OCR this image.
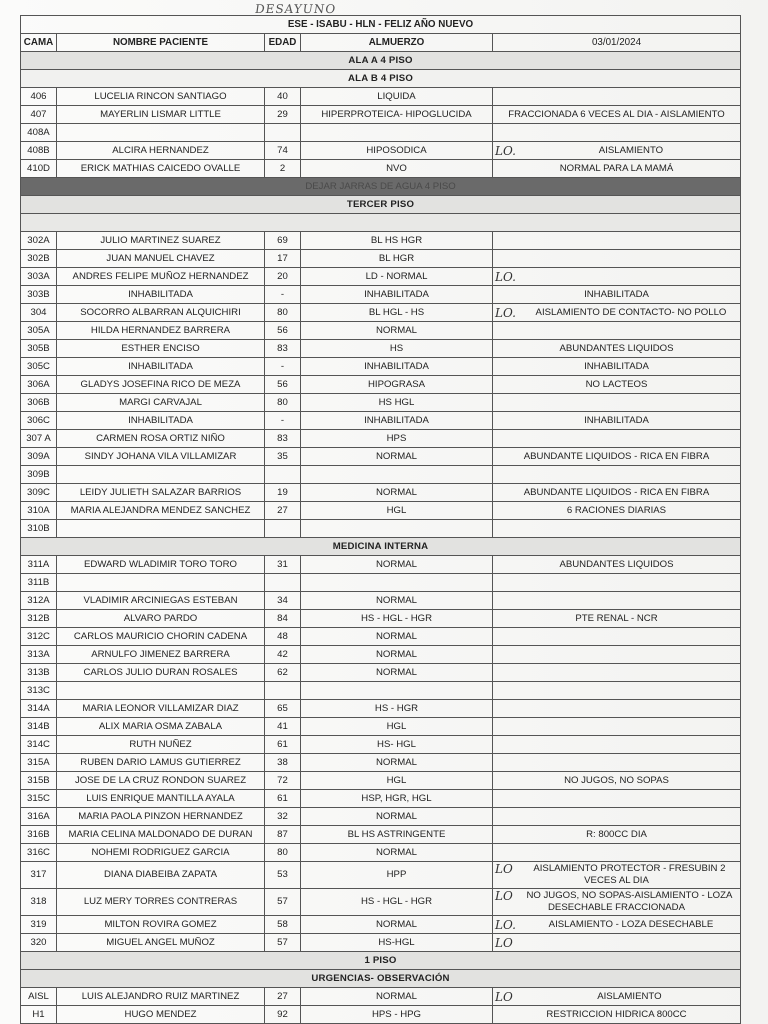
DESAYUNO
ESE - ISABU - HLN - FELIZ AÑO NUEVO				
CAMA	NOMBRE PACIENTE	EDAD	ALMUERZO	03/01/2024
ALA A 4 PISO				
ALA B 4 PISO				
406	LUCELIA RINCON SANTIAGO	40	LIQUIDA	
407	MAYERLIN LISMAR LITTLE	29	HIPERPROTEICA- HIPOGLUCIDA	FRACCIONADA 6 VECES AL DIA - AISLAMIENTO
408A				
408B	ALCIRA HERNANDEZ	74	HIPOSODICA	LO. AISLAMIENTO
410D	ERICK MATHIAS CAICEDO OVALLE	2	NVO	NORMAL PARA LA MAMÁ
DEJAR JARRAS DE AGUA 4 PISO				
TERCER PISO				

302A	JULIO MARTINEZ SUAREZ	69	BL HS HGR	
302B	JUAN MANUEL CHAVEZ	17	BL HGR	
303A	ANDRES FELIPE MUÑOZ HERNANDEZ	20	LD - NORMAL	LO.

303B	INHABILITADA	-	INHABILITADA	INHABILITADA
304	SOCORRO ALBARRAN ALQUICHIRI	80	BL HGL - HS	LO. AISLAMIENTO DE CONTACTO- NO POLLO
305A	HILDA HERNANDEZ BARRERA	56	NORMAL	
305B	ESTHER ENCISO	83	HS	ABUNDANTES LIQUIDOS
305C	INHABILITADA	-	INHABILITADA	INHABILITADA
306A	GLADYS JOSEFINA RICO DE MEZA	56	HIPOGRASA	NO LACTEOS
306B	MARGI CARVAJAL	80	HS HGL	
306C	INHABILITADA	-	INHABILITADA	INHABILITADA
307 A	CARMEN ROSA ORTIZ NIÑO	83	HPS	
309A	SINDY JOHANA VILA VILLAMIZAR	35	NORMAL	ABUNDANTE LIQUIDOS - RICA EN FIBRA
309B				
309C	LEIDY JULIETH SALAZAR BARRIOS	19	NORMAL	ABUNDANTE LIQUIDOS - RICA EN FIBRA
310A	MARIA ALEJANDRA MENDEZ SANCHEZ	27	HGL	6 RACIONES DIARIAS
310B				
MEDICINA INTERNA				
311A	EDWARD WLADIMIR TORO TORO	31	NORMAL	ABUNDANTES LIQUIDOS
311B				
312A	VLADIMIR ARCINIEGAS ESTEBAN	34	NORMAL	
312B	ALVARO PARDO	84	HS - HGL - HGR	PTE RENAL - NCR
312C	CARLOS MAURICIO CHORIN CADENA	48	NORMAL	
313A	ARNULFO JIMENEZ BARRERA	42	NORMAL	
313B	CARLOS JULIO DURAN ROSALES	62	NORMAL	
313C				
314A	MARIA LEONOR VILLAMIZAR DIAZ	65	HS - HGR	
314B	ALIX MARIA OSMA ZABALA	41	HGL	
314C	RUTH NUÑEZ	61	HS- HGL	
315A	RUBEN DARIO LAMUS GUTIERREZ	38	NORMAL	
315B	JOSE DE LA CRUZ RONDON SUAREZ	72	HGL	NO JUGOS, NO SOPAS
315C	LUIS ENRIQUE MANTILLA AYALA	61	HSP, HGR, HGL	
316A	MARIA PAOLA PINZON HERNANDEZ	32	NORMAL	
316B	MARIA CELINA MALDONADO DE DURAN	87	BL HS ASTRINGENTE	R: 800CC DIA
316C	NOHEMI RODRIGUEZ GARCIA	80	NORMAL	
317	DIANA DIABEIBA ZAPATA	53	HPP	LO AISLAMIENTO PROTECTOR - FRESUBIN 2 VECES AL DIA
318	LUZ MERY TORRES CONTRERAS	57	HS - HGL - HGR	LO NO JUGOS, NO SOPAS-AISLAMIENTO - LOZA DESECHABLE FRACCIONADA
319	MILTON ROVIRA GOMEZ	58	NORMAL	LO. AISLAMIENTO - LOZA DESECHABLE
320	MIGUEL ANGEL MUÑOZ	57	HS-HGL	LO

1 PISO				
URGENCIAS- OBSERVACIÓN				
AISL	LUIS ALEJANDRO RUIZ MARTINEZ	27	NORMAL	LO AISLAMIENTO
H1	HUGO MENDEZ	92	HPS - HPG	RESTRICCION HIDRICA 800CC
